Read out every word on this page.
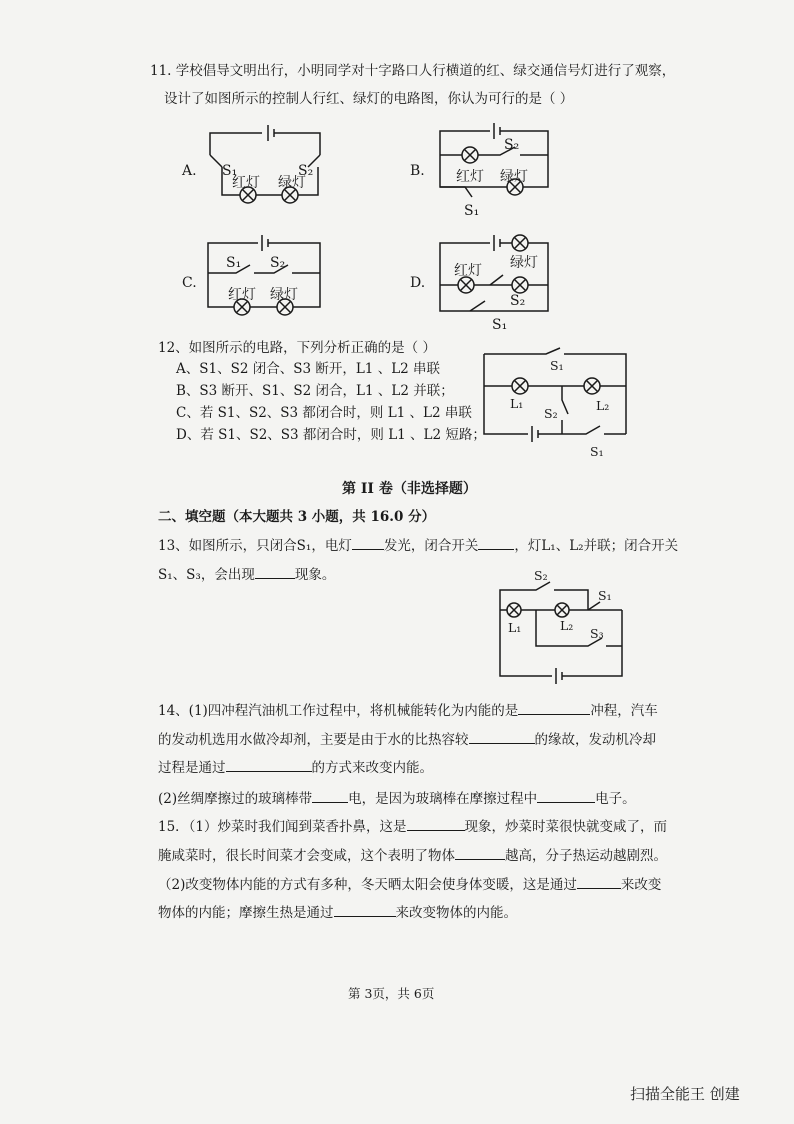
11. 学校倡导文明出行，小明同学对十字路口人行横道的红、绿交通信号灯进行了观察，
设计了如图所示的控制人行红、绿灯的电路图，你认为可行的是（ ）
A.	B.
C.	D.
S₁	S₂
红灯 绿灯
S₂
红灯 绿灯
S₁
S₁ S₂
红灯 绿灯
绿灯
红灯
S₂
S₁
12、如图所示的电路，下列分析正确的是（ ）
A、S1、S2 闭合、S3 断开，L1 、L2 串联
B、S3 断开、S1、S2 闭合，L1 、L2 并联；
C、若 S1、S2、S3 都闭合时，则 L1 、L2 串联
D、若 S1、S2、S3 都闭合时，则 L1 、L2 短路；
S₁
L₁	L₂
S₂
S₁
第 II 卷（非选择题）
二、填空题（本大题共 3 小题，共 16.0 分）
13、如图所示，只闭合S₁，电灯 发光，闭合开关	，灯L₁、L₂并联；闭合开关
S₁、S₃，会出现	现象。	S₂
S₁
L₁	L₂
S₃
14、(1)四冲程汽油机工作过程中，将机械能转化为内能的是	冲程，汽车
的发动机选用水做冷却剂，主要是由于水的比热容较	的缘故，发动机冷却
过程是通过	的方式来改变内能。
(2)丝绸摩擦过的玻璃棒带	电，是因为玻璃棒在摩擦过程中	电子。
15．（1）炒菜时我们闻到菜香扑鼻，这是	现象，炒菜时菜很快就变咸了，而
腌咸菜时，很长时间菜才会变咸，这个表明了物体	越高，分子热运动越剧烈。
（2)改变物体内能的方式有多种，冬天晒太阳会使身体变暖，这是通过	来改变
物体的内能；摩擦生热是通过	来改变物体的内能。
第 3页，共 6页
扫描全能王 创建
